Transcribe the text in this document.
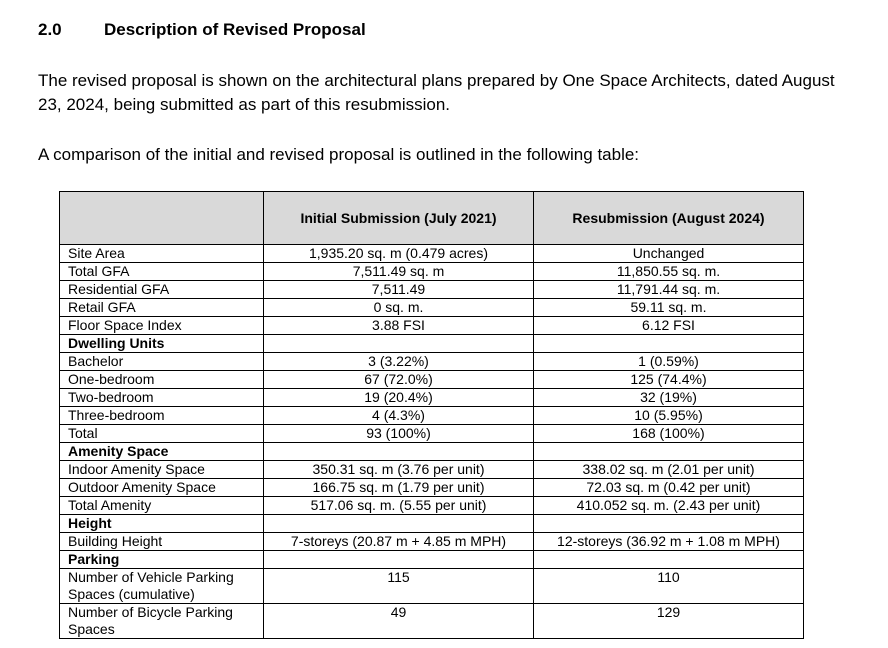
2.0 Description of Revised Proposal

The revised proposal is shown on the architectural plans prepared by One Space Architects, dated August 23, 2024, being submitted as part of this resubmission.

A comparison of the initial and revised proposal is outlined in the following table:

	Initial Submission (July 2021)	Resubmission (August 2024)
Site Area	1,935.20 sq. m (0.479 acres)	Unchanged
Total GFA	7,511.49 sq. m	11,850.55 sq. m.
Residential GFA	7,511.49	11,791.44 sq. m.
Retail GFA	0 sq. m.	59.11 sq. m.
Floor Space Index	3.88 FSI	6.12 FSI
Dwelling Units		
Bachelor	3 (3.22%)	1 (0.59%)
One-bedroom	67 (72.0%)	125 (74.4%)
Two-bedroom	19 (20.4%)	32 (19%)
Three-bedroom	4 (4.3%)	10 (5.95%)
Total	93 (100%)	168 (100%)
Amenity Space		
Indoor Amenity Space	350.31 sq. m (3.76 per unit)	338.02 sq. m (2.01 per unit)
Outdoor Amenity Space	166.75 sq. m (1.79 per unit)	72.03 sq. m (0.42 per unit)
Total Amenity	517.06 sq. m. (5.55 per unit)	410.052 sq. m. (2.43 per unit)
Height		
Building Height	7-storeys (20.87 m + 4.85 m MPH)	12-storeys (36.92 m + 1.08 m MPH)
Parking		
Number of Vehicle Parking Spaces (cumulative)	115	110
Number of Bicycle Parking Spaces	49	129
